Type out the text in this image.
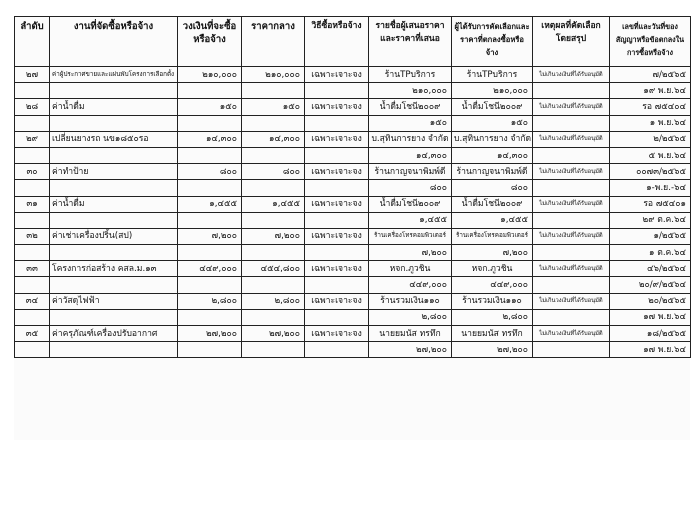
ลำดับ	งานที่จัดซื้อหรือจ้าง	วงเงินที่จะซื้อหรือจ้าง	ราคากลาง	วิธีซื้อหรือจ้าง	รายชื่อผู้เสนอราคาและราคาที่เสนอ	ผู้ได้รับการคัดเลือกและราคาที่ตกลงซื้อหรือจ้าง	เหตุผลที่คัดเลือกโดยสรุป	เลขที่และวันที่ของสัญญาหรือข้อตกลงในการซื้อหรือจ้าง
๒๗	ค่าผู้ประกาศขายและแผ่นพับโครงการเลือกตั้ง	๒๑๐,๐๐๐	๒๑๐,๐๐๐	เฉพาะเจาะจง	ร้านTPบริการ	ร้านTPบริการ	ไม่เกินวงเงินที่ได้รับอนุมัติ	๗/๒๕๖๕
					๒๑๐,๐๐๐	๒๑๐,๐๐๐		๑๙ พ.ย.๖๔
๒๘	ค่าน้ำดื่ม	๑๕๐	๑๕๐	เฉพาะเจาะจง	น้ำดื่มโชนี๒๐๐๙	น้ำดื่มโชนี๒๐๐๙	ไม่เกินวงเงินที่ได้รับอนุมัติ	รอ ๗๕๔๐๔
					๑๕๐	๑๕๐		๑ พ.ย.๖๔
๒๙	เปลี่ยนยางรถ นข๑๘๕๐รอ	๑๔,๓๐๐	๑๔,๓๐๐	เฉพาะเจาะจง	บ.สุทินการยาง จำกัด	บ.สุทินการยาง จำกัด	ไม่เกินวงเงินที่ได้รับอนุมัติ	๒/๒๕๖๕
					๑๔,๓๐๐	๑๔,๓๐๐		๕ พ.ย.๖๔
๓๐	ค่าทำป้าย	๘๐๐	๘๐๐	เฉพาะเจาะจง	ร้านกาญจนาพิมพ์ดี	ร้านกาญจนาพิมพ์ดี	ไม่เกินวงเงินที่ได้รับอนุมัติ	๐๐๗๓/๒๕๖๕
					๘๐๐	๘๐๐		๑-พ.ย.-๖๔
๓๑	ค่าน้ำดื่ม	๑,๔๕๕	๑,๔๕๕	เฉพาะเจาะจง	น้ำดื่มโชนี๒๐๐๙	น้ำดื่มโชนี๒๐๐๙	ไม่เกินวงเงินที่ได้รับอนุมัติ	รอ ๗๕๔๐๑
					๑,๔๕๕	๑,๔๕๕		๒๙ ต.ค.๖๔
๓๒	ค่าเช่าเครื่องปริ้น(สป)	๗,๒๐๐	๗,๒๐๐	เฉพาะเจาะจง	ร้านเครื่องโทรคอมพิวเตอร์	ร้านเครื่องโทรคอมพิวเตอร์	ไม่เกินวงเงินที่ได้รับอนุมัติ	๑/๒๕๖๕
					๗,๒๐๐	๗,๒๐๐		๑ ต.ค.๖๔
๓๓	โครงการก่อสร้าง คสล.ม.๑๓	๔๔๙,๐๐๐	๔๕๔,๘๐๐	เฉพาะเจาะจง	หจก.ภูวชิน	หจก.ภูวชิน	ไม่เกินวงเงินที่ได้รับอนุมัติ	๔๖/๒๕๖๔
					๔๔๙,๐๐๐	๔๔๙,๐๐๐		๒๐/๙/๒๕๖๔
๓๔	ค่าวัสดุไฟฟ้า	๒,๘๐๐	๒,๘๐๐	เฉพาะเจาะจง	ร้านรวมเงิน๑๑๐	ร้านรวมเงิน๑๑๐	ไม่เกินวงเงินที่ได้รับอนุมัติ	๒๐/๒๕๖๕
					๒,๘๐๐	๒,๘๐๐		๑๗ พ.ย.๖๔
๓๕	ค่าครุภัณฑ์เครื่องปรับอากาศ	๒๗,๒๐๐	๒๗,๒๐๐	เฉพาะเจาะจง	นายยมนัส ทรทึก	นายยมนัส ทรทึก	ไม่เกินวงเงินที่ได้รับอนุมัติ	๑๘/๒๕๖๕
					๒๗,๒๐๐	๒๗,๒๐๐		๑๗ พ.ย.๖๔
